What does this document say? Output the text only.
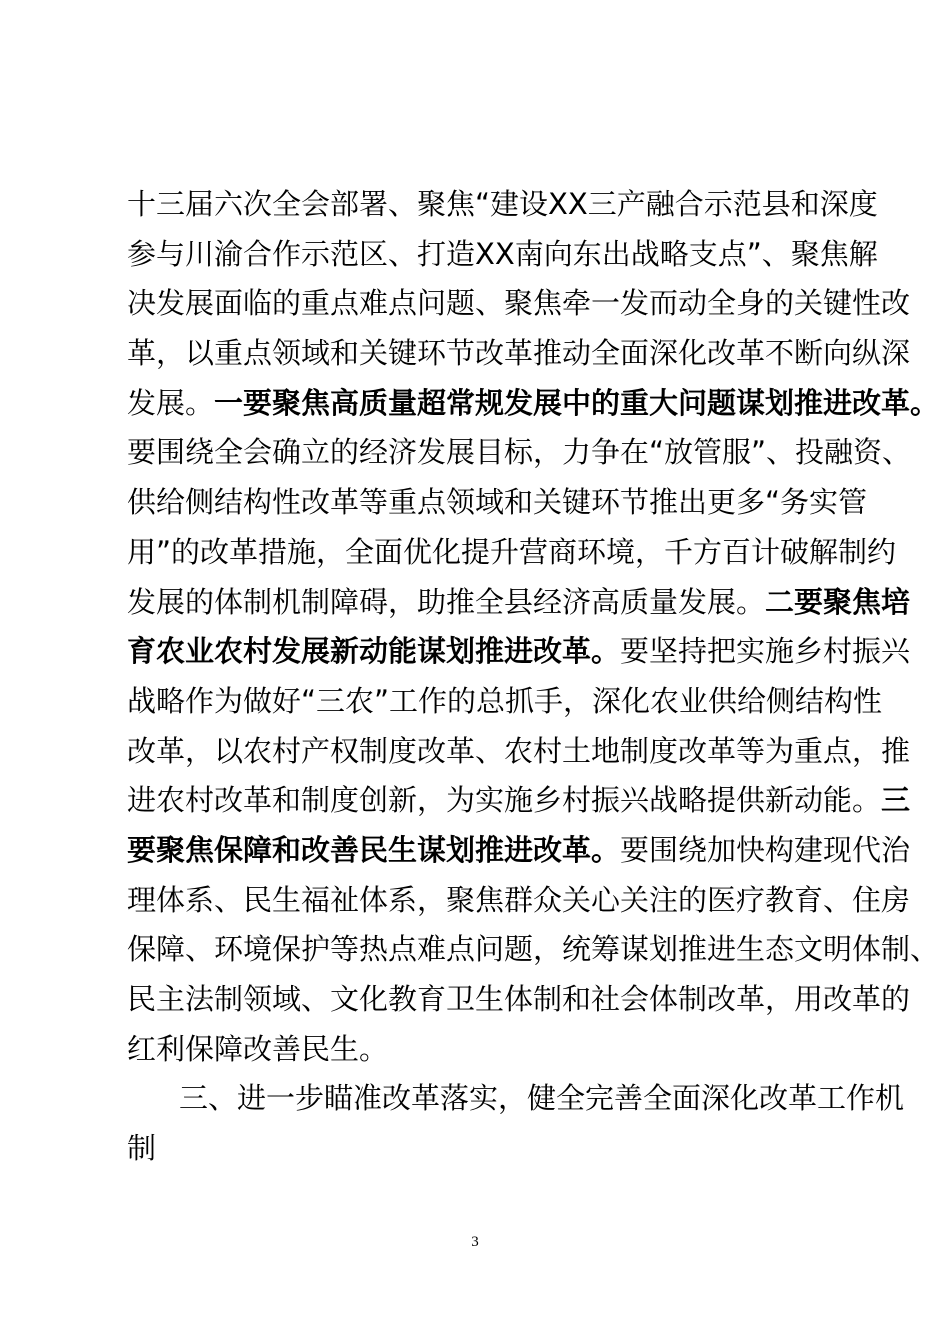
十三届六次全会部署、聚焦“建设XX三产融合示范县和深度
参与川渝合作示范区、打造XX南向东出战略支点”、聚焦解
决发展面临的重点难点问题、聚焦牵一发而动全身的关键性改
革，以重点领域和关键环节改革推动全面深化改革不断向纵深
发展。一要聚焦高质量超常规发展中的重大问题谋划推进改革。
要围绕全会确立的经济发展目标，力争在“放管服”、投融资、
供给侧结构性改革等重点领域和关键环节推出更多“务实管
用”的改革措施，全面优化提升营商环境，千方百计破解制约
发展的体制机制障碍，助推全县经济高质量发展。二要聚焦培
育农业农村发展新动能谋划推进改革。要坚持把实施乡村振兴
战略作为做好“三农”工作的总抓手，深化农业供给侧结构性
改革，以农村产权制度改革、农村土地制度改革等为重点，推
进农村改革和制度创新，为实施乡村振兴战略提供新动能。三
要聚焦保障和改善民生谋划推进改革。要围绕加快构建现代治
理体系、民生福祉体系，聚焦群众关心关注的医疗教育、住房
保障、环境保护等热点难点问题，统筹谋划推进生态文明体制、
民主法制领域、文化教育卫生体制和社会体制改革，用改革的
红利保障改善民生。
三、进一步瞄准改革落实，健全完善全面深化改革工作机
制
3
